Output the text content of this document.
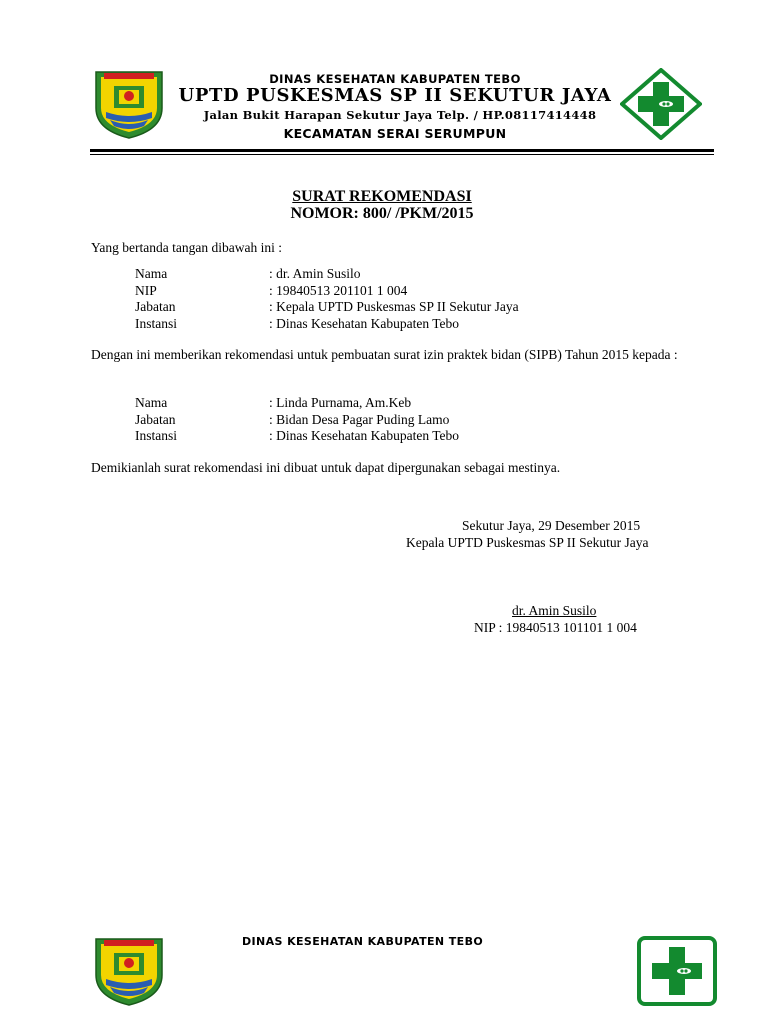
DINAS KESEHATAN KABUPATEN TEBO
UPTD PUSKESMAS SP II SEKUTUR JAYA
Jalan Bukit Harapan Sekutur Jaya Telp. / HP.08117414448
KECAMATAN SERAI SERUMPUN
SURAT REKOMENDASI
NOMOR: 800/ /PKM/2015
Yang bertanda tangan dibawah ini :
Nama	: dr. Amin Susilo
NIP	: 19840513 201101 1 004
Jabatan	: Kepala UPTD Puskesmas SP II Sekutur Jaya
Instansi	: Dinas Kesehatan Kabupaten Tebo
Dengan ini memberikan rekomendasi untuk pembuatan surat izin praktek bidan (SIPB) Tahun 2015 kepada :
Nama	: Linda Purnama, Am.Keb
Jabatan	: Bidan Desa Pagar Puding Lamo
Instansi	: Dinas Kesehatan Kabupaten Tebo
Demikianlah surat rekomendasi ini dibuat untuk dapat dipergunakan sebagai mestinya.
Sekutur Jaya, 29 Desember 2015
Kepala UPTD Puskesmas SP II Sekutur Jaya
dr. Amin Susilo
NIP : 19840513 101101 1 004
DINAS KESEHATAN KABUPATEN TEBO
